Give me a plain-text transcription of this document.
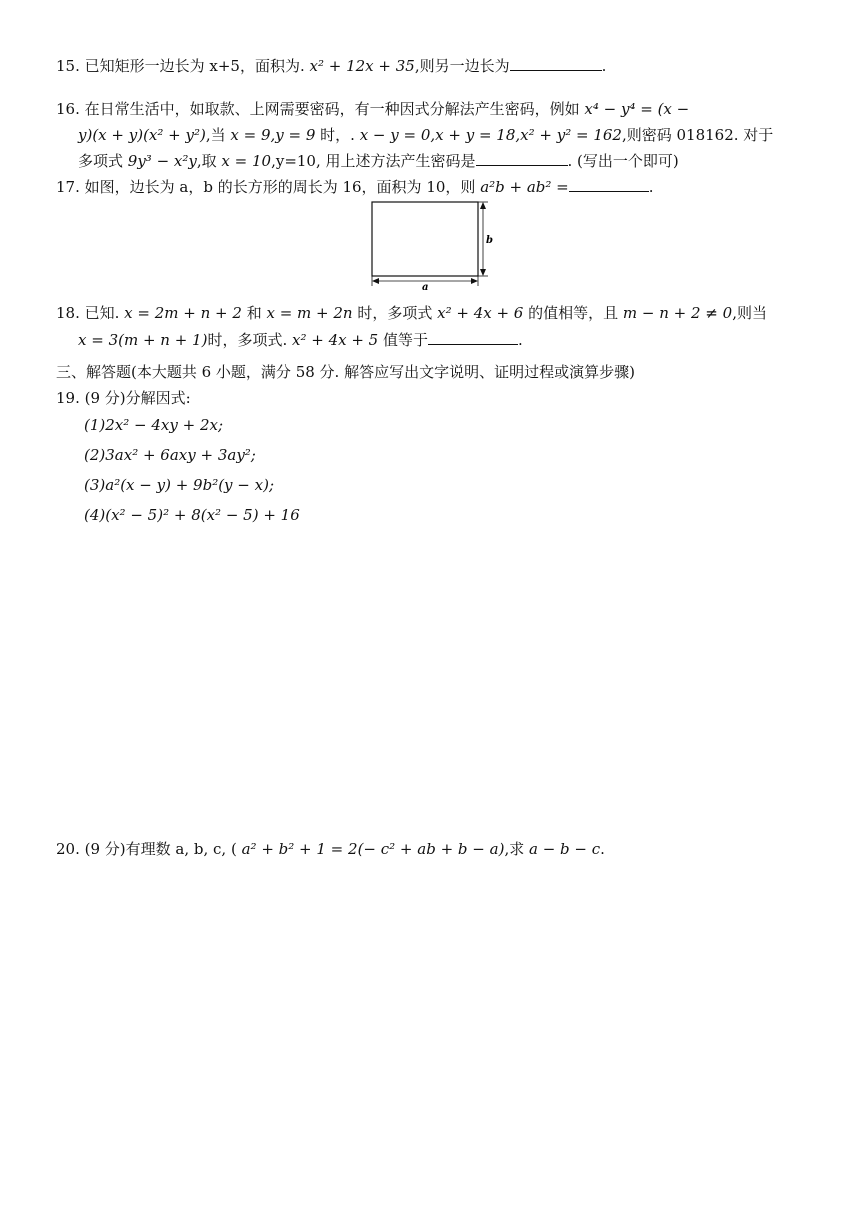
15. 已知矩形一边长为 x+5，面积为. x² + 12x + 35,则另一边长为	.
16. 在日常生活中，如取款、上网需要密码，有一种因式分解法产生密码，例如 x⁴ − y⁴ = (x −
y)(x + y)(x² + y²),当 x = 9,y = 9 时，. x − y = 0,x + y = 18,x² + y² = 162,则密码 018162. 对于
多项式 9y³ − x²y,取 x = 10,y=10, 用上述方法产生密码是	. (写出一个即可)
17. 如图，边长为 a，b 的长方形的周长为 16，面积为 10，则 a²b + ab² =	.
b
a
18. 已知. x = 2m + n + 2 和 x = m + 2n 时，多项式 x² + 4x + 6 的值相等，且 m − n + 2 ≠ 0,则当
x = 3(m + n + 1)时，多项式. x² + 4x + 5 值等于	.
三、解答题(本大题共 6 小题，满分 58 分. 解答应写出文字说明、证明过程或演算步骤)
19. (9 分)分解因式:
(1)2x² − 4xy + 2x;
(2)3ax² + 6axy + 3ay²;
(3)a²(x − y) + 9b²(y − x);
(4)(x² − 5)² + 8(x² − 5) + 16
20. (9 分)有理数 a, b, c, ( a² + b² + 1 = 2(− c² + ab + b − a),求 a − b − c.
